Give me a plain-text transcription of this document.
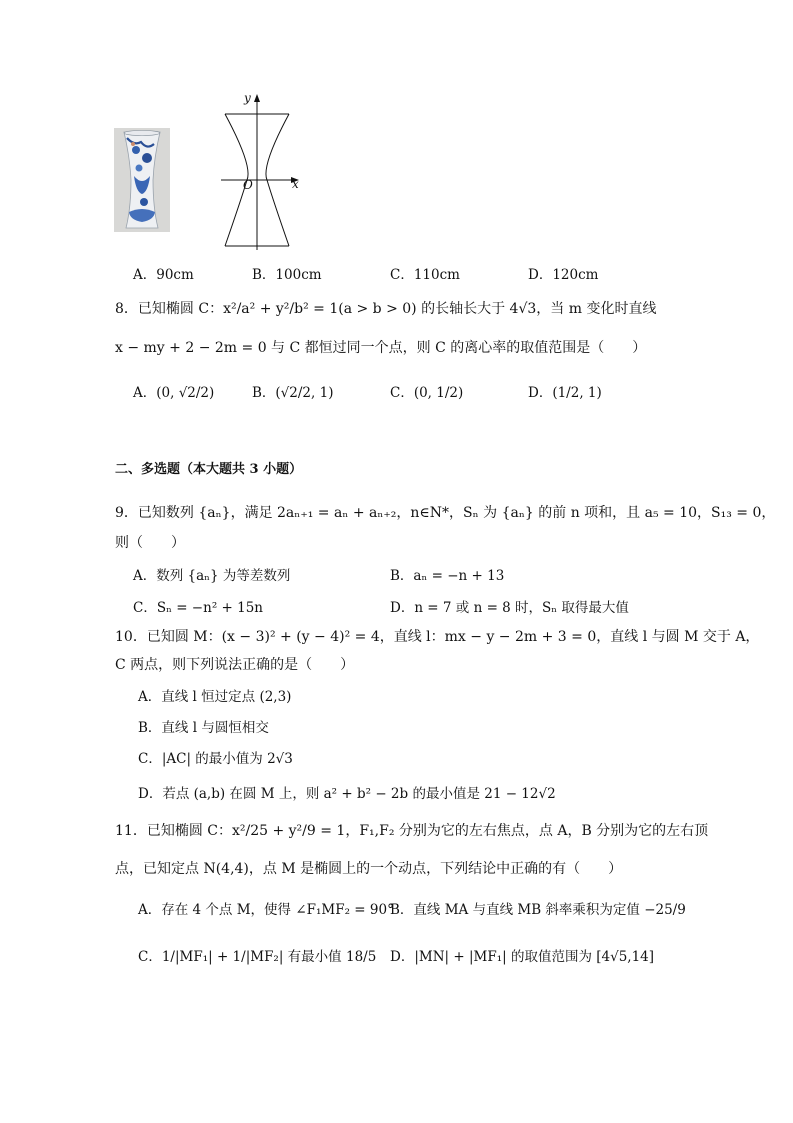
y
x
O
A．90cm	B．100cm	C．110cm	D．120cm
8．已知椭圆 C：x²/a² + y²/b² = 1(a > b > 0) 的长轴长大于 4√3，当 m 变化时直线
x − my + 2 − 2m = 0 与 C 都恒过同一个点，则 C 的离心率的取值范围是（　　）
A．(0, √2/2)	B．(√2/2, 1)	C．(0, 1/2)	D．(1/2, 1)
二、多选题（本大题共 3 小题）
9．已知数列 {aₙ}，满足 2aₙ₊₁ = aₙ + aₙ₊₂，n∈N*，Sₙ 为 {aₙ} 的前 n 项和，且 a₅ = 10，S₁₃ = 0，
则（　　）
A．数列 {aₙ} 为等差数列	B．aₙ = −n + 13
C．Sₙ = −n² + 15n	D．n = 7 或 n = 8 时，Sₙ 取得最大值
10．已知圆 M：(x − 3)² + (y − 4)² = 4，直线 l：mx − y − 2m + 3 = 0，直线 l 与圆 M 交于 A，
C 两点，则下列说法正确的是（　　）
A．直线 l 恒过定点 (2,3)
B．直线 l 与圆恒相交
C．|AC| 的最小值为 2√3
D．若点 (a,b) 在圆 M 上，则 a² + b² − 2b 的最小值是 21 − 12√2
11．已知椭圆 C：x²/25 + y²/9 = 1，F₁,F₂ 分别为它的左右焦点，点 A，B 分别为它的左右顶
点，已知定点 N(4,4)，点 M 是椭圆上的一个动点，下列结论中正确的有（　　）
A．存在 4 个点 M，使得 ∠F₁MF₂ = 90°
B．直线 MA 与直线 MB 斜率乘积为定值 −25/9
C．1/|MF₁| + 1/|MF₂| 有最小值 18/5 D．|MN| + |MF₁| 的取值范围为 [4√5,14]
